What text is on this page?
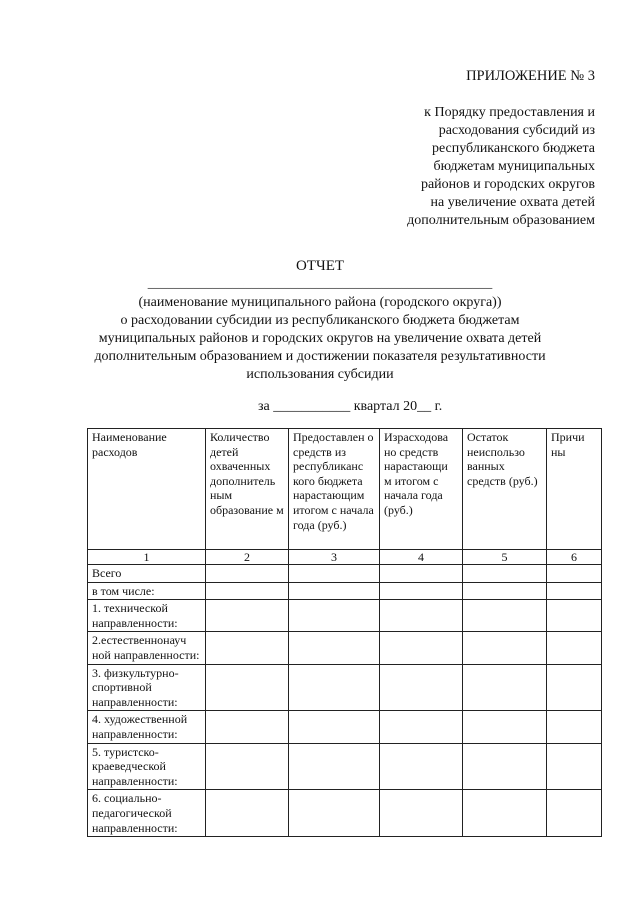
ПРИЛОЖЕНИЕ № 3
к Порядку предоставления и
расходования субсидий из
республиканского бюджета
бюджетам муниципальных
районов и городских округов
на увеличение охвата детей
дополнительным образованием
ОТЧЕТ
_____________________________________________________
(наименование муниципального района (городского округа))
о расходовании субсидии из республиканского бюджета бюджетам
муниципальных районов и городских округов на увеличение охвата детей
дополнительным образованием и достижении показателя результативности
использования субсидии
за ___________ квартал 20__ г.
Наименование расходов	Количество детей охваченных дополнитель ным образование м	Предоставлен о средств из республиканс кого бюджета нарастающим итогом с начала года (руб.)	Израсходова но средств нарастающи м итогом с начала года (руб.)	Остаток неиспользо ванных средств (руб.)	Причи ны
1	2	3	4	5	6
Всего					
в том числе:					
1. технической направленности:					
2.естественнонауч ной направленности:					
3. физкультурно-спортивной направленности:					
4. художественной направленности:					
5. туристско-краеведческой направленности:					
6. социально-педагогической направленности:					
